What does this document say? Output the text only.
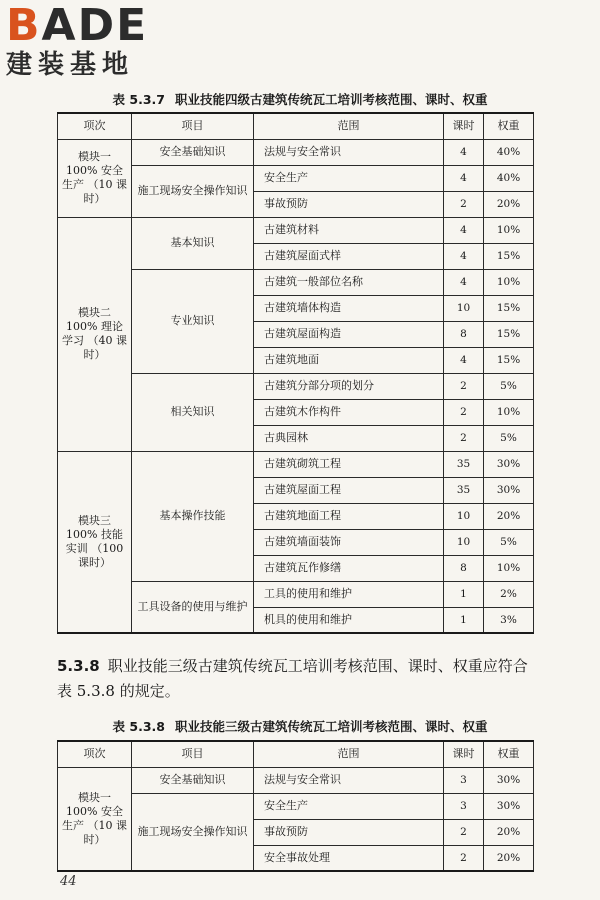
BADE
建装基地
表 5.3.7 职业技能四级古建筑传统瓦工培训考核范围、课时、权重
项次	项目	范围	课时	权重
模块一 100% 安全生产 （10 课时）	安全基础知识	法规与安全常识	4	40%
	施工现场安全操作知识	安全生产	4	40%
		事故预防	2	20%
模块二 100% 理论学习 （40 课时）	基本知识	古建筑材料	4	10%
		古建筑屋面式样	4	15%
	专业知识	古建筑一般部位名称	4	10%
		古建筑墙体构造	10	15%
		古建筑屋面构造	8	15%
		古建筑地面	4	15%
	相关知识	古建筑分部分项的划分	2	5%
		古建筑木作构件	2	10%
		古典园林	2	5%
模块三 100% 技能实训 （100 课时）	基本操作技能	古建筑砌筑工程	35	30%
		古建筑屋面工程	35	30%
		古建筑地面工程	10	20%
		古建筑墙面装饰	10	5%
		古建筑瓦作修缮	8	10%
	工具设备的使用与维护	工具的使用和维护	1	2%
		机具的使用和维护	1	3%
5.3.8 职业技能三级古建筑传统瓦工培训考核范围、课时、权重应符合表 5.3.8 的规定。
表 5.3.8 职业技能三级古建筑传统瓦工培训考核范围、课时、权重
项次	项目	范围	课时	权重
模块一 100% 安全生产 （10 课时）	安全基础知识	法规与安全常识	3	30%
	施工现场安全操作知识	安全生产	3	30%
		事故预防	2	20%
		安全事故处理	2	20%
44
